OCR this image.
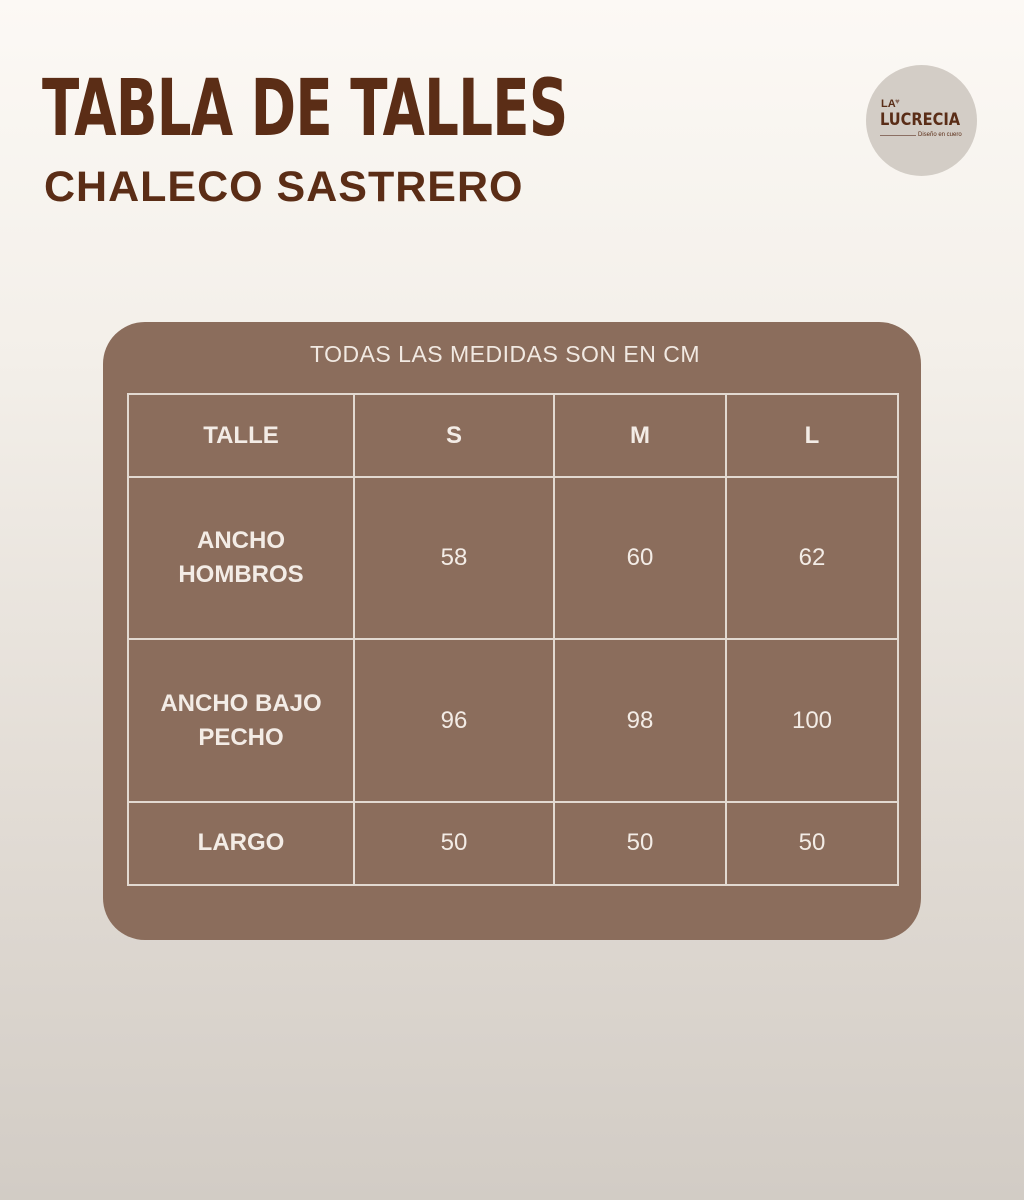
TABLA DE TALLES
CHALECO SASTRERO
LA ♥
LUCRECIA
Diseño en cuero
TODAS LAS MEDIDAS SON EN CM
TALLE	S	M	L
ANCHO HOMBROS	58	60	62
ANCHO BAJO PECHO	96	98	100
LARGO	50	50	50
